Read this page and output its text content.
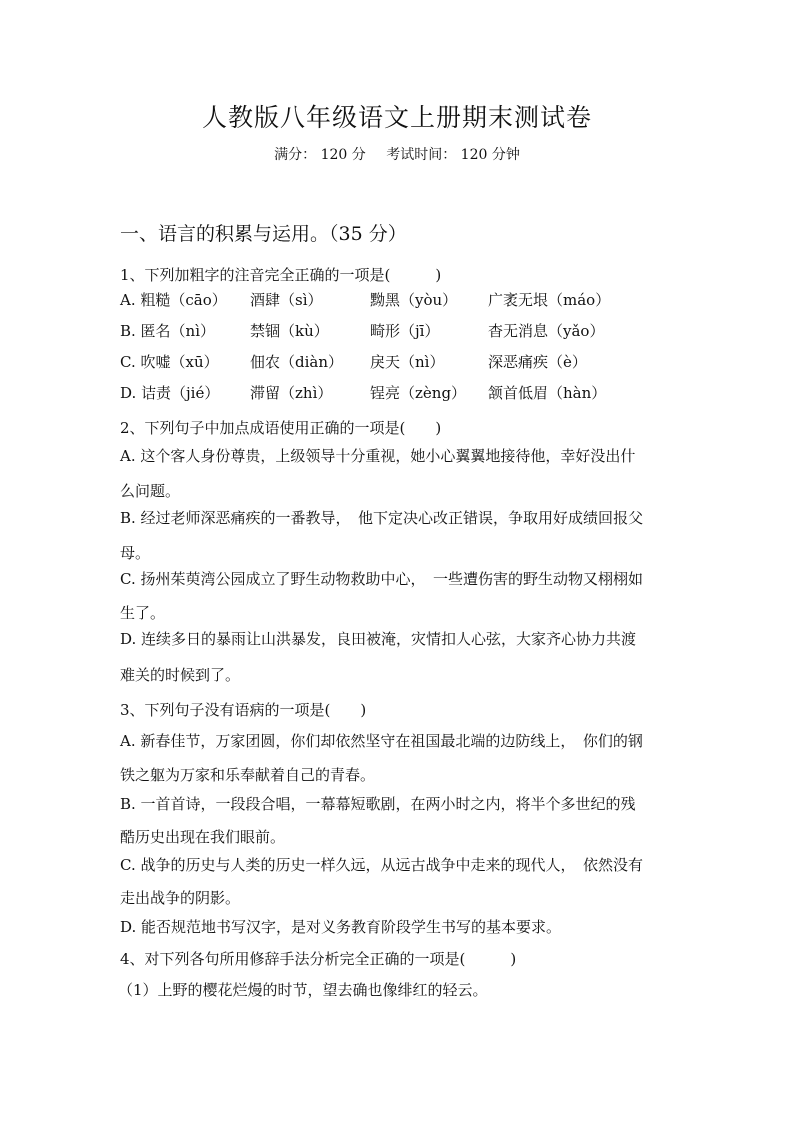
人教版八年级语文上册期末测试卷
满分： 120 分 考试时间： 120 分钟
一、语言的积累与运用。（35 分）
1、下列加粗字的注音完全正确的一项是(　　　)
A. 粗糙（cāo） 酒肆（sì）	黝黑（yòu） 广袤无垠（máo）
B. 匿名（nì） 禁锢（kù）	畸形（jī）	杳无消息（yǎo）
C. 吹嘘（xū） 佃农（diàn） 戾天（nì）	深恶痛疾（è）
D. 诘责（jié） 滞留（zhì）	锃亮（zèng） 颔首低眉（hàn）
2、下列句子中加点成语使用正确的一项是(　　)
A. 这个客人身份尊贵，上级领导十分重视，她小心翼翼地接待他，幸好没出什
么问题。
B. 经过老师深恶痛疾的一番教导，　他下定决心改正错误，争取用好成绩回报父
母。
C. 扬州茱萸湾公园成立了野生动物救助中心，　一些遭伤害的野生动物又栩栩如
生了。
D. 连续多日的暴雨让山洪暴发，良田被淹，灾情扣人心弦，大家齐心协力共渡
难关的时候到了。
3、下列句子没有语病的一项是(　　)
A. 新春佳节，万家团圆，你们却依然坚守在祖国最北端的边防线上，　你们的钢
铁之躯为万家和乐奉献着自己的青春。
B. 一首首诗，一段段合唱，一幕幕短歌剧，在两小时之内，将半个多世纪的残
酷历史出现在我们眼前。
C. 战争的历史与人类的历史一样久远，从远古战争中走来的现代人，　依然没有
走出战争的阴影。
D. 能否规范地书写汉字，是对义务教育阶段学生书写的基本要求。
4、对下列各句所用修辞手法分析完全正确的一项是(　　　)
（1）上野的樱花烂熳的时节，望去确也像绯红的轻云。
